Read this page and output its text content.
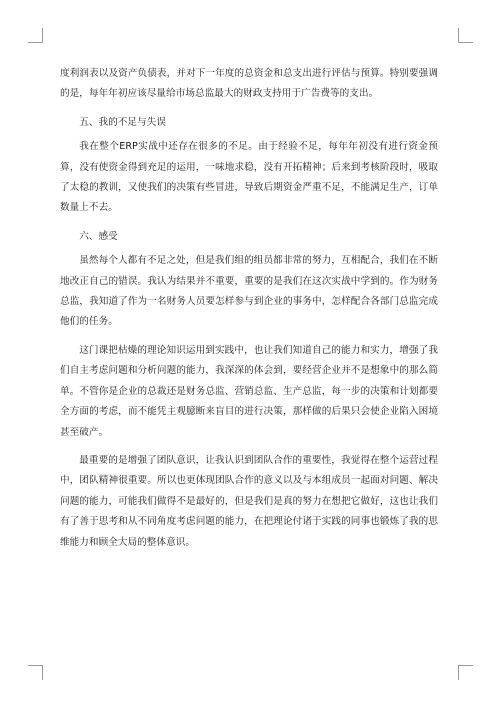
度利润表以及资产负债表，并对下一年度的总资金和总支出进行评估与预算。特别要强调的是，每年年初应该尽量给市场总监最大的财政支持用于广告费等的支出。

五、我的不足与失误

我在整个ERP实战中还存在很多的不足。由于经验不足，每年年初没有进行资金预算，没有使资金得到充足的运用，一味地求稳，没有开拓精神；后来到考核阶段时，吸取了太稳的教训，又使我们的决策有些冒进，导致后期资金严重不足，不能满足生产，订单数量上不去。

六、感受

虽然每个人都有不足之处，但是我们组的组员都非常的努力，互相配合，我们在不断地改正自己的错误。我认为结果并不重要，重要的是我们在这次实战中学到的。作为财务总监，我知道了作为一名财务人员要怎样参与到企业的事务中，怎样配合各部门总监完成他们的任务。

这门课把枯燥的理论知识运用到实践中，也让我们知道自己的能力和实力，增强了我们自主考虑问题和分析问题的能力，我深深的体会到，要经营企业并不是想象中的那么简单。不管你是企业的总裁还是财务总监、营销总监、生产总监，每一步的决策和计划都要全方面的考虑，而不能凭主观臆断来盲目的进行决策，那样做的后果只会使企业陷入困境甚至破产。

最重要的是增强了团队意识，让我认识到团队合作的重要性，我觉得在整个运营过程中，团队精神很重要。所以也更体现团队合作的意义以及与本组成员一起面对问题、解决问题的能力，可能我们做得不是最好的，但是我们是真的努力在想把它做好，这也让我们有了善于思考和从不同角度考虑问题的能力，在把理论付诸于实践的同事也锻炼了我的思维能力和顾全大局的整体意识。
